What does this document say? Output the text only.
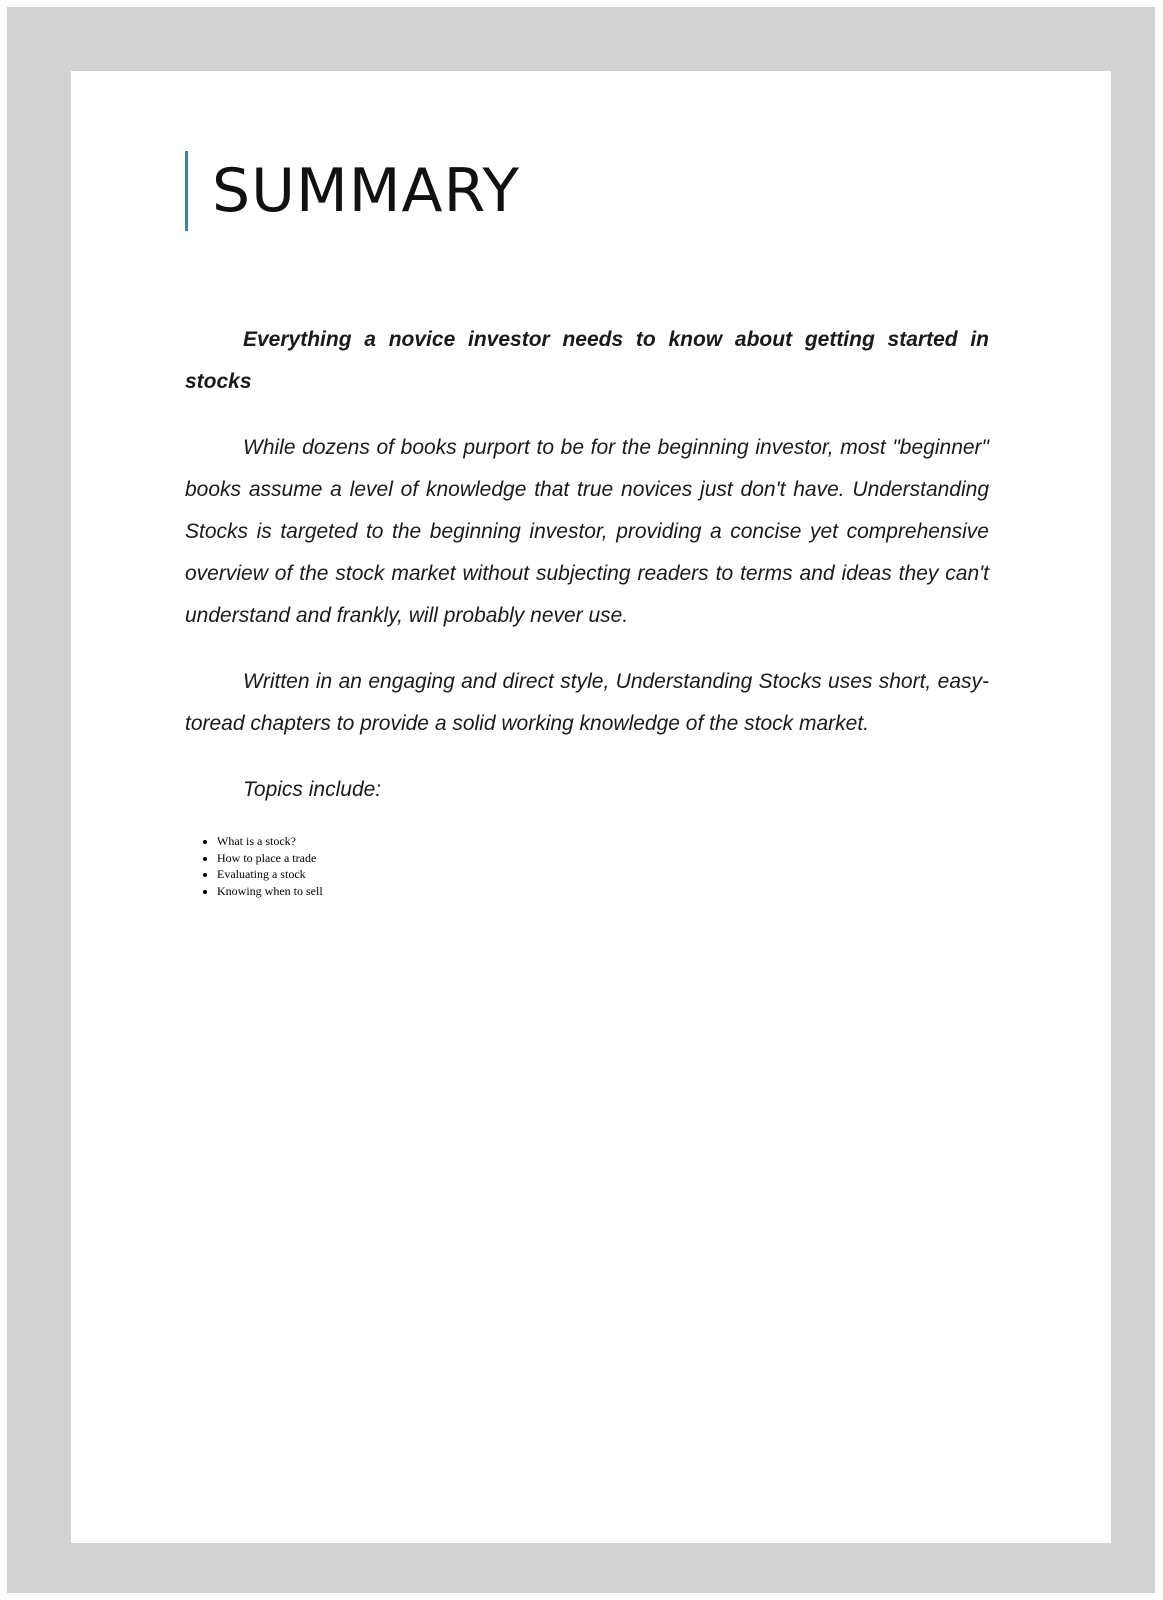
SUMMARY

Everything a novice investor needs to know about getting started in stocks

While dozens of books purport to be for the beginning investor, most "beginner" books assume a level of knowledge that true novices just don't have. Understanding Stocks is targeted to the beginning investor, providing a concise yet comprehensive overview of the stock market without subjecting readers to terms and ideas they can't understand and frankly, will probably never use.

Written in an engaging and direct style, Understanding Stocks uses short, easy-toread chapters to provide a solid working knowledge of the stock market.

Topics include:

• What is a stock?
• How to place a trade
• Evaluating a stock
• Knowing when to sell
